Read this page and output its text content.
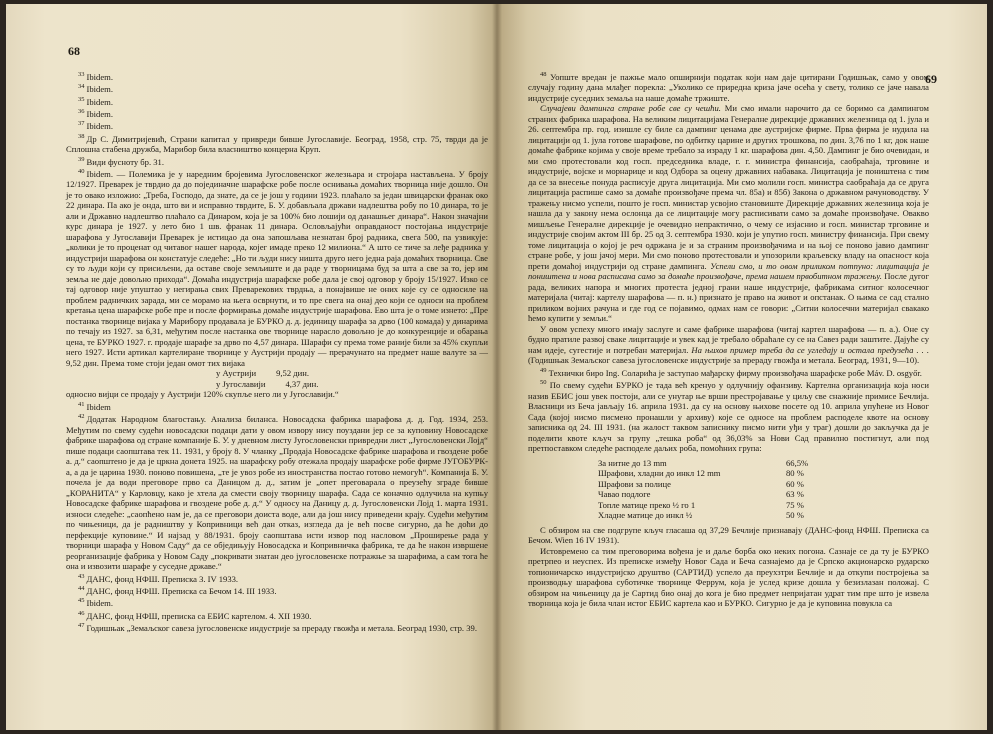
68

$^{33}$ Ibidem.

$^{34}$ Ibidem.

$^{35}$ Ibidem.

$^{36}$ Ibidem.

$^{37}$ Ibidem.

$^{38}$ Др С. Димитријевић, Страни капитал у привреди бивше Југославије. Београд, 1958, стр. 75, тврди да је Сплошна стабена дружба, Марибор била власништво концерна Круп.

$^{39}$ Види фусноту бр. 31.

$^{40}$ Ibidem. — Полемика је у наредним бројевима Југословенског железњара и стројара настављена. У броју 12/1927. Преварек је тврдио да до појединачне шарафске робе после оснивања домаћих творница није дошло. Он је то овако изложио: „Треба, Господо, да знате, да се је још у години 1923. плаћало за један швицарски франак око 22 динара. Па ако је онда, што ви и исправно тврдите, Б. У. добављала држави надлештва робу по 10 динара, то је али и Државно надлештво плаћало са Динаром, која је за 100% био лошији од данашњег динара“. Након значајни курс динара је 1927. у лето био 1 шв. франак 11 динара. Ословљајући оправданост постојања индустрије шарафова у Југославији Преварек је истицао да она запошљава незнатан број радника, свега 500, па узвикује: „колики је то проценат од читавог нашег народа, којег имаде преко 12 милиона.“ А што се тиче за леђе радника у индустрији шарафова он констатује следеће: „Но ти људи нису ништа друго него једна раја домаћих творница. Све су то људи који су присиљени, да оставе своје земљиште и да раде у творницама буд за шта а све за то, јер им земља не даје довољно прихода“. Домаћа индустрија шарафске робе дала је свој одговор у броју 15/1927. Изко се тај одговор није упуштао у негирања свих Преварекових тврдња, а понајвише не оних које су се односиле на проблем радничких зарада, ми се морамо на њега осврнути, и то пре свега на онај део који се односи на проблем кретања цена шарафске робе пре и после формирања домаће индустрије шарафова. Ево шта је о томе изнето: „Пре постанка творнице вијака у Марибору продавала је БУРКО д. д. јединицу шарафа за дрво (100 комада) у динарима по течају из 1927. за 6,31, међутим после настанка ове творнице нарасло довољно је до конкуренције и обарања цена, те БУРКО 1927. г. продаје шарафе за дрво по 4,57 динара. Шарафи су према томе раније били за 45% скупљи него 1927. Исти артикал картелиране творнице у Аустрији продају — прерачунато на предмет наше валуте за — 9,52 дин. Према томе стоји један омот тих вијака

у Аустрији 9,52 дин.

у Југославији 4,37 дин.

односно вијци се продају у Аустрији 120% скупље него ли у Југославији.“

$^{41}$ Ibidem

$^{42}$ Додатак Народном благостању. Анализа биланса. Новосадска фабрика шарафова д. д. Год. 1934, 253. Међутим по свему судећи новосадски подаци дати у овом извору нису поуздани јер се за куповину Новосадске фабрике шарафова од стране компаније Б. У. у дневном листу Југословенски привредни лист „Југословенски Лојд“ пише подаци саопштава тек 11. 1931, у броју 8. У чланку „Продаја Новосадске фабрике шарафова и гвоздене робе а. д.“ саопштено је да је цркна донета 1925. на шарафску робу отежала продају шарафске робе фирме ЈУГОБУРК-а, а да је царина 1930. поново повишена, „те је увоз робе из иностранства постао готово немогућ“. Компанија Б. У. почела је да води преговоре прво са Даницом д. д., затим је „опет преговарала о преузећу зграде бивше „КОРАНИТА“ у Карловцу, како је хтела да смести своју творницу шарафа. Сада се коначно одлучила на купњу Новосадске фабрике шарафова и гвоздене робе д. д.“ У односу на Даницу д. д. Југословенски Лојд 1. марта 1931. износи следеће: „саопћено нам је, да се преговори доиста воде, али да још нису приведени крају. Судећи међутим по чињеници, да је радништву у Копривници већ дан отказ, изгледа да је већ посве сигурно, да ће доћи до перфекције куповине.“ И најзад у 88/1931. броју саопштава исти извор под насловом „Проширење рада у творници шарафа у Новом Саду“ да се обједињују Новосадска и Копривничка фабрика, те да ће након извршене реорганизације фабрика у Новом Саду „покривати знатан део југословенске потражње за шарафима, а сам тога ће она и извозити шарафе у суседне државе.“

$^{43}$ ДАНС, фонд НФШ. Преписка 3. IV 1933.

$^{44}$ ДАНС, фонд НФШ. Преписка са Бечом 14. III 1933.

$^{45}$ Ibidem.

$^{46}$ ДАНС, фонд НФШ, преписка са ЕБИС картелом. 4. XII 1930.

$^{47}$ Годишњак „Земаљског савеза југословенске индустрије за прераду гвожђа и метала. Београд 1930, стр. 39.

69

$^{48}$ Уопште вредан је пажње мало опширнији податак који нам даје цитирани Годишњак, само у овом случају годину дана млађег порекла: „Уколико се приредна криза јаче осећа у свету, толико се јаче навала индустрије суседних земаља на наше домаће тржиште.

Случајеви дампинга стране робе све су чешћи. Ми смо имали нарочито да се боримо са дампингом страних фабрика шарафова. На великим лицитацијама Генералне дирекције државних железница од 1. јула и 26. септембра пр. год. изишле су биле са дампинг ценама две аустријске фирме. Прва фирма је нудила на лицитацији од 1. јула готове шарафове, по одбитку царине и других трошкова, по дин. 3,76 по 1 кг, док наше домаће фабрике којима у своје време требало за израду 1 кг. шарафова дин. 4,50. Дампинг је био очевидан, и ми смо протестовали код госп. председника владе, г. г. министра финансија, саобраћаја, трговине и индустрије, војске и морнарице и код Одбора за оцену државних набавака. Лицитација је поништена с тим да се за внесење понуда расписује друга лицитација. Ми смо молили госп. министра саобраћаја да се друга лицитација распише само за домаће произвођаче према чл. 85а) и 85б) Закона о државном рачуноводству. У тражењу нисмо успели, пошто је госп. министар усвојио становиште Дирекције државних железница која је нашла да у закону нема ослонца да се лицитације могу расписивати само за домаће произвођаче. Овакво мишљење Генералне дирекције је очевидно непрактично, о чему се изјаснио и госп. министар трговине и индустрије својим актом III бр. 25 од 3. септембра 1930. који је упутио госп. министру финансија. При свему томе лицитација о којој је реч одржана је и за страним произвођачима и на њој се поново јавио дампинг стране робе, у још јачој мери. Ми смо поново протестовали и упозорили краљевску владу на опасност која прети домаћој индустрији од стране дампинга. Успели смо, и то овом приликом потпуно: лицитација је поништена и нова расписана само за домаће произвођаче, према нашем првобитном тражењу. После дугог рада, великих напора и многих протеста једној грани наше индустрије, фабрикама ситног колосечног материјала (читај: картелу шарафова — п. н.) признато је право на живот и опстанак. О њима се сад стално приликом војних рачуна и где год се појавимо, одмах нам се говори: „Ситни колосечни материјал свакако ћемо купити у земљи.“

У овом успеху много имају заслуге и саме фабрике шарафова (читај картел шарафова — п. а.). Оне су будно пратиле развој сваке лицитације и увек кад је требало обраћале су се на Савез ради заштите. Дајуће су нам идеје, сугестије и потребан материјал. На њихов пример треба да се угледају и остала предузећа . . . (Годишњак Земаљског савеза југословенске индустрије за прераду гвожђа и метала. Београд, 1931, 9—10).

$^{49}$ Технички биро Ing. Соларића је заступао мађарску фирму произвођача шарафске робе Máv. D. osgyőr.

$^{50}$ По свему судећи БУРКО је тада већ кренуо у одлучнију офанзиву. Картелна организација која носи назив ЕБИС још увек постоји, али се унутар ње врши престројавање у циљу све снажније примисе Бечлија. Власници из Беча јављају 16. априла 1931. да су на основу њихове посете од 10. априла упућене из Новог Сада (којој нисмо писмено пронашли у архиву) које се односе на проблем расподеле квоте на основу записника од 24. III 1931. (на жалост таквом записнику писмо нити уђи у траг) дошли до закључка да је поделити квоте кључ за групу „тешка роба“ од 36,03% за Нови Сад правилно постигнут, али под претпоставком следеће расподеле даљих роба, помоћних група:

За нитне до 13 mm	66,5%
Шрафови, хладни до инкл 12 mm	80 %
Шрафови за полице	60 %
Чавао подлоге	63 %
Топле матице преко ½ го 1	75 %
Хладне матице до инкл ½	50 %

С обзиром на све подгрупе кључ гласаша од 37,29 Бечлије признавају (ДАНС-фонд НФШ. Преписка са Бечом. Wien 16 IV 1931).

Истовремено са тим преговорима вођена је и даље борба око неких погона. Сазнаје се да ту је БУРКО претрпео и неуспех. Из преписке између Новог Сада и Беча сазнајемо да је Српско акционарско рударско топионичарско индустријско друштво (САРТИД) успело да преухзтри Бечлије и да откупи постројења за производњу шарафова суботичке творнице Феррум, која је услед кризе дошла у безизлазан положај. С обзиром на чињеницу да је Сартид био онај до кога је био предмет непријатан удрат тим пре што је извела творница која је била члан истог ЕБИС картела као и БУРКО. Сигурно је да је куповина повукла са
